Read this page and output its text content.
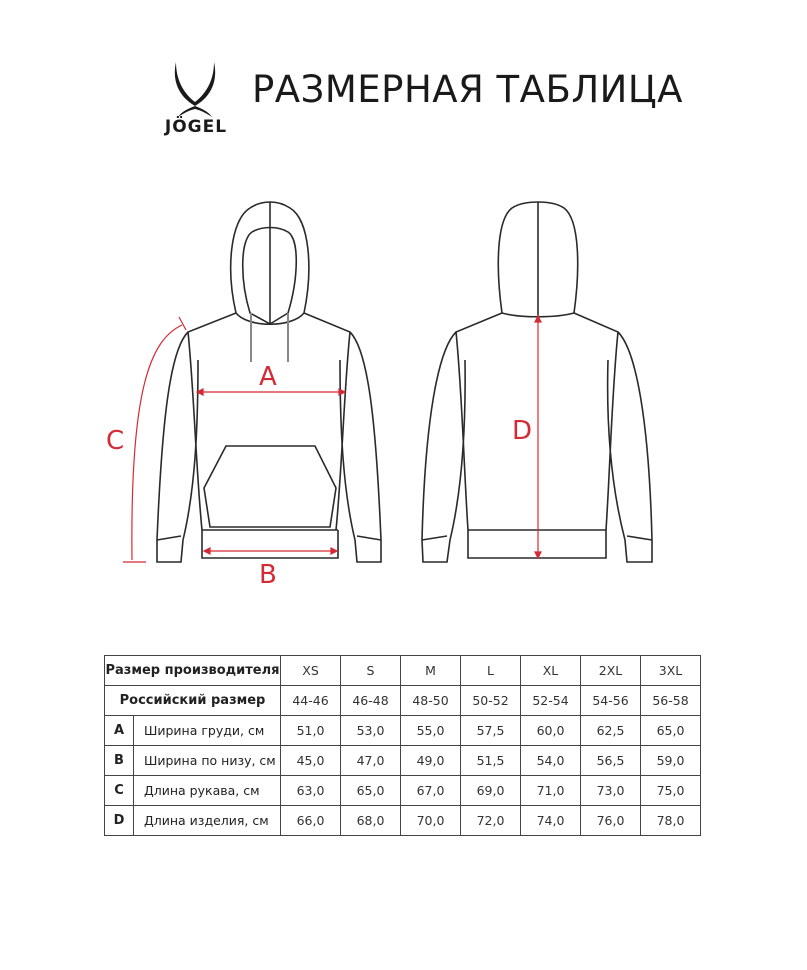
JÖGEL
РАЗМЕРНАЯ ТАБЛИЦА
A
B
C	D
Размер производителя		XS	S	M	L	XL	2XL	3XL
Российский размер		44-46	46-48	48-50	50-52	52-54	54-56	56-58
A	Ширина груди, см	51,0	53,0	55,0	57,5	60,0	62,5	65,0
B	Ширина по низу, см	45,0	47,0	49,0	51,5	54,0	56,5	59,0
C	Длина рукава, см	63,0	65,0	67,0	69,0	71,0	73,0	75,0
D	Длина изделия, см	66,0	68,0	70,0	72,0	74,0	76,0	78,0
